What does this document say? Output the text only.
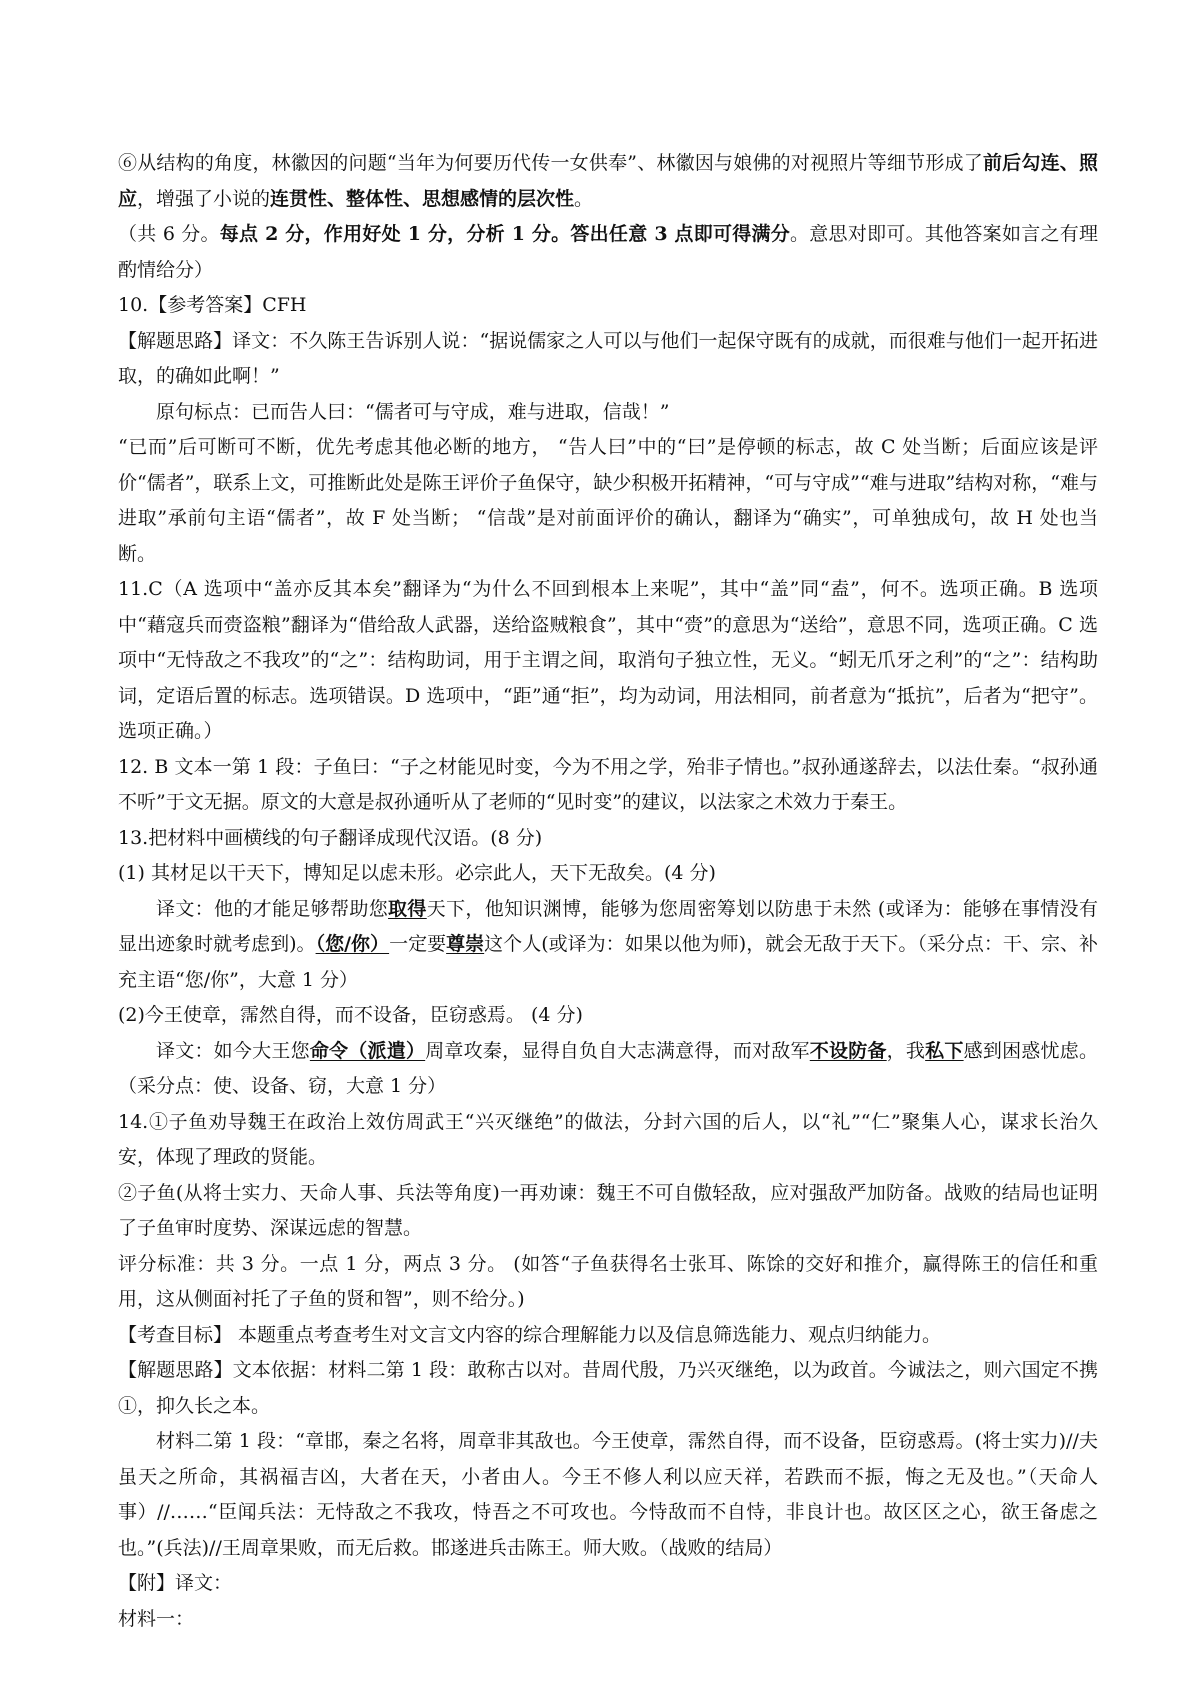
⑥从结构的角度，林徽因的问题“当年为何要历代传一女供奉”、林徽因与娘佛的对视照片等细节形成了前后勾连、照应，增强了小说的连贯性、整体性、思想感情的层次性。

（共 6 分。每点 2 分，作用好处 1 分，分析 1 分。答出任意 3 点即可得满分。意思对即可。其他答案如言之有理酌情给分）

10.【参考答案】CFH

【解题思路】译文：不久陈王告诉别人说：“据说儒家之人可以与他们一起保守既有的成就，而很难与他们一起开拓进取，的确如此啊！”

原句标点：已而告人曰：“儒者可与守成，难与进取，信哉！”

“已而”后可断可不断，优先考虑其他必断的地方， “告人曰”中的“曰”是停顿的标志，故 C 处当断；后面应该是评价“儒者”，联系上文，可推断此处是陈王评价子鱼保守，缺少积极开拓精神，“可与守成”“难与进取”结构对称，“难与进取”承前句主语“儒者”，故 F 处当断； “信哉”是对前面评价的确认，翻译为“确实”，可单独成句，故 H 处也当断。

11.C（A 选项中“盖亦反其本矣”翻译为“为什么不回到根本上来呢”，其中“盖”同“盍”，何不。选项正确。B 选项中“藉寇兵而赍盗粮”翻译为“借给敌人武器，送给盗贼粮食”，其中“赍”的意思为“送给”，意思不同，选项正确。C 选项中“无恃敌之不我攻”的“之”：结构助词，用于主谓之间，取消句子独立性，无义。“蚓无爪牙之利”的“之”：结构助词，定语后置的标志。选项错误。D 选项中，“距”通“拒”，均为动词，用法相同，前者意为“抵抗”，后者为“把守”。选项正确。）

12. B 文本一第 1 段：子鱼曰：“子之材能见时变，今为不用之学，殆非子情也。”叔孙通遂辞去，以法仕秦。“叔孙通不听”于文无据。原文的大意是叔孙通听从了老师的“见时变”的建议，以法家之术效力于秦王。

13.把材料中画横线的句子翻译成现代汉语。(8 分)

(1) 其材足以干天下，博知足以虑未形。必宗此人，天下无敌矣。(4 分)

译文：他的才能足够帮助您取得天下，他知识渊博，能够为您周密筹划以防患于未然 (或译为：能够在事情没有显出迹象时就考虑到)。（您/你）一定要尊崇这个人(或译为：如果以他为师)，就会无敌于天下。（采分点：干、宗、补充主语“您/你”，大意 1 分）

(2)今王使章，霈然自得，而不设备，臣窃惑焉。 (4 分)

译文：如今大王您命令（派遣）周章攻秦，显得自负自大志满意得，而对敌军不设防备，我私下感到困惑忧虑。（采分点：使、设备、窃，大意 1 分）

14.①子鱼劝导魏王在政治上效仿周武王“兴灭继绝”的做法，分封六国的后人，以“礼”“仁”聚集人心，谋求长治久安，体现了理政的贤能。

②子鱼(从将士实力、天命人事、兵法等角度)一再劝谏：魏王不可自傲轻敌，应对强敌严加防备。战败的结局也证明了子鱼审时度势、深谋远虑的智慧。

评分标准：共 3 分。一点 1 分，两点 3 分。 (如答“子鱼获得名士张耳、陈馀的交好和推介，赢得陈王的信任和重用，这从侧面衬托了子鱼的贤和智”，则不给分。)

【考查目标】 本题重点考查考生对文言文内容的综合理解能力以及信息筛选能力、观点归纳能力。

【解题思路】文本依据：材料二第 1 段：敢称古以对。昔周代殷，乃兴灭继绝，以为政首。今诚法之，则六国定不携①，抑久长之本。

材料二第 1 段：“章邯，秦之名将，周章非其敌也。今王使章，霈然自得，而不设备，臣窃惑焉。(将士实力)//夫虽天之所命，其祸福吉凶，大者在天，小者由人。今王不修人利以应天祥，若跌而不振，悔之无及也。”（天命人事）//……“臣闻兵法：无恃敌之不我攻，恃吾之不可攻也。今恃敌而不自恃，非良计也。故区区之心，欲王备虑之也。”(兵法)//王周章果败，而无后救。邯遂进兵击陈王。师大败。（战败的结局）

【附】译文：

材料一：
